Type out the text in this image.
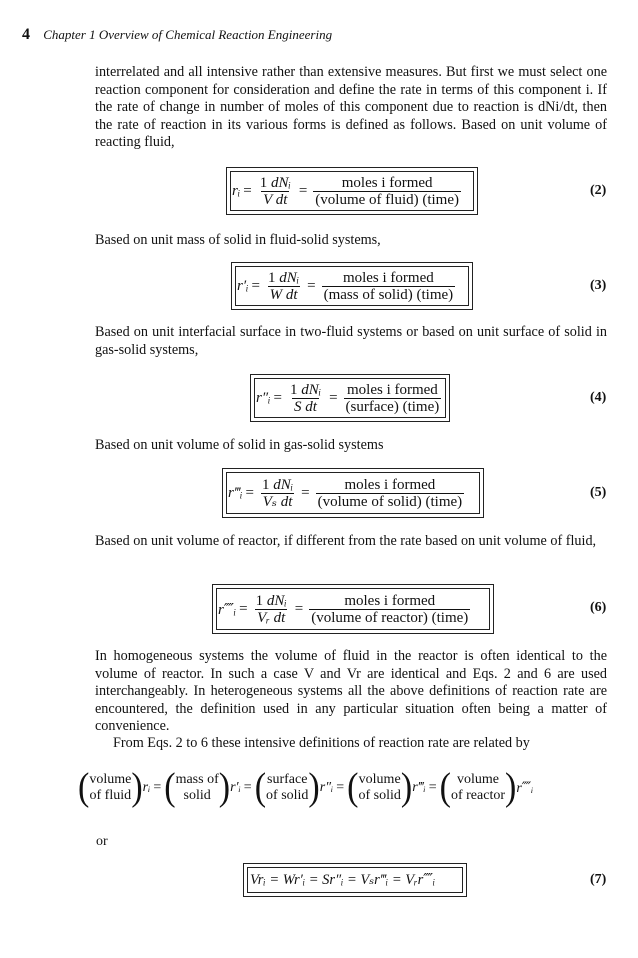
4 Chapter 1 Overview of Chemical Reaction Engineering
interrelated and all intensive rather than extensive measures. But first we must select one reaction component for consideration and define the rate in terms of this component i. If the rate of change in number of moles of this component due to reaction is dNi/dt, then the rate of reaction in its various forms is defined as follows. Based on unit volume of reacting fluid,
rᵢ = $\frac{\text{1 dNᵢ}}{\text{V dt}} = \frac{\text{moles i formed}}{\text{(volume of fluid) (time)}}$	(2)
Based on unit mass of solid in fluid-solid systems,
r′ᵢ = $\frac{\text{1 dNᵢ}}{\text{W dt}} = \frac{\text{moles i formed}}{\text{(mass of solid) (time)}}$	(3)
Based on unit interfacial surface in two-fluid systems or based on unit surface of solid in gas-solid systems,
r″ᵢ = $\frac{\text{1 dNᵢ}}{\text{S dt}} = \frac{\text{moles i formed}}{\text{(surface) (time)}}$	(4)
Based on unit volume of solid in gas-solid systems
r‴ᵢ = $\frac{\text{1 dNᵢ}}{\text{Vₛ dt}} = \frac{\text{moles i formed}}{\text{(volume of solid) (time)}}$	(5)
Based on unit volume of reactor, if different from the rate based on unit volume of fluid,
r⁗ᵢ = $\frac{\text{1 dNᵢ}}{\text{Vᵣ dt}} = \frac{\text{moles i formed}}{\text{(volume of reactor) (time)}}$	(6)
In homogeneous systems the volume of fluid in the reactor is often identical to the volume of reactor. In such a case V and Vr are identical and Eqs. 2 and 6 are used interchangeably. In heterogeneous systems all the above definitions of reaction rate are encountered, the definition used in any particular situation often being a matter of convenience.
From Eqs. 2 to 6 these intensive definitions of reaction rate are related by
( volume
of fluid ) rᵢ = ( mass of
solid ) r′ᵢ = ( surface
of solid ) r″ᵢ = ( volume
of solid ) r‴ᵢ = ( volume
of reactor ) r⁗ᵢ
or
Vrᵢ = Wr′ᵢ = Sr″ᵢ = Vₛr‴ᵢ = Vᵣr⁗ᵢ	(7)
